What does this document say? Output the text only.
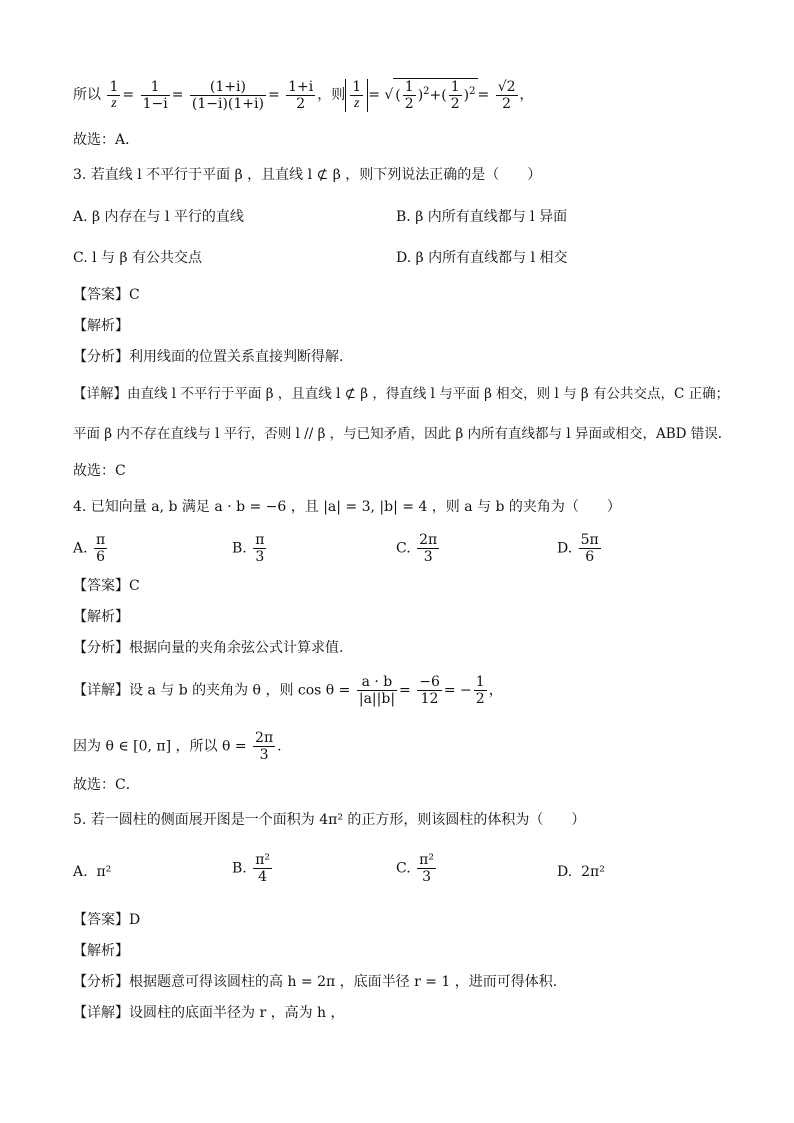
所以 $\frac{1}{z} = \frac{1}{1-i} = \frac{(1+i)}{(1-i)(1+i)} = \frac{1+i}{2}$ ，则 $\frac{1}{z}$ = √ ( $\frac{1}{2} )^2+( \frac{1}{2} )^2 = \frac{√2}{2}$ ，
故选：A．
3. 若直线 l 不平行于平面 β ，且直线 l ⊄ β ，则下列说法正确的是（　　）
A. β 内存在与 l 平行的直线	B. β 内所有直线都与 l 异面
C. l 与 β 有公共交点	D. β 内所有直线都与 l 相交
【答案】C
【解析】
【分析】利用线面的位置关系直接判断得解.
【详解】由直线 l 不平行于平面 β ，且直线 l ⊄ β ，得直线 l 与平面 β 相交，则 l 与 β 有公共交点，C 正确；
平面 β 内不存在直线与 l 平行，否则 l // β ，与已知矛盾，因此 β 内所有直线都与 l 异面或相交，ABD 错误.
故选：C
4. 已知向量 a, b 满足 a · b = −6 ，且 |a| = 3, |b| = 4 ，则 a 与 b 的夹角为（　　）
A. $\frac{\pi}{6}$	B. $\frac{\pi}{3}$	C. $\frac{2\pi}{3}$	D. $\frac{5\pi}{6}$
【答案】C
【解析】
【分析】根据向量的夹角余弦公式计算求值.
【详解】设 a 与 b 的夹角为 θ ，则 $\cos \theta = \frac{a \cdot b}{|a||b|} = \frac{-6}{12}$ = − $\frac{1}{2}$ ，
因为 θ ∈ [0, π] ，所以 $\theta = \frac{2\pi}{3}$ .
故选：C．
5. 若一圆柱的侧面展开图是一个面积为 4π² 的正方形，则该圆柱的体积为（　　）
A. π²	B. $\frac{\text{π²}}{4}$	C. $\frac{\text{π²}}{3}$	D. 2π²
【答案】D
【解析】
【分析】根据题意可得该圆柱的高 h = 2π ，底面半径 r = 1 ，进而可得体积.
【详解】设圆柱的底面半径为 r ，高为 h ，
